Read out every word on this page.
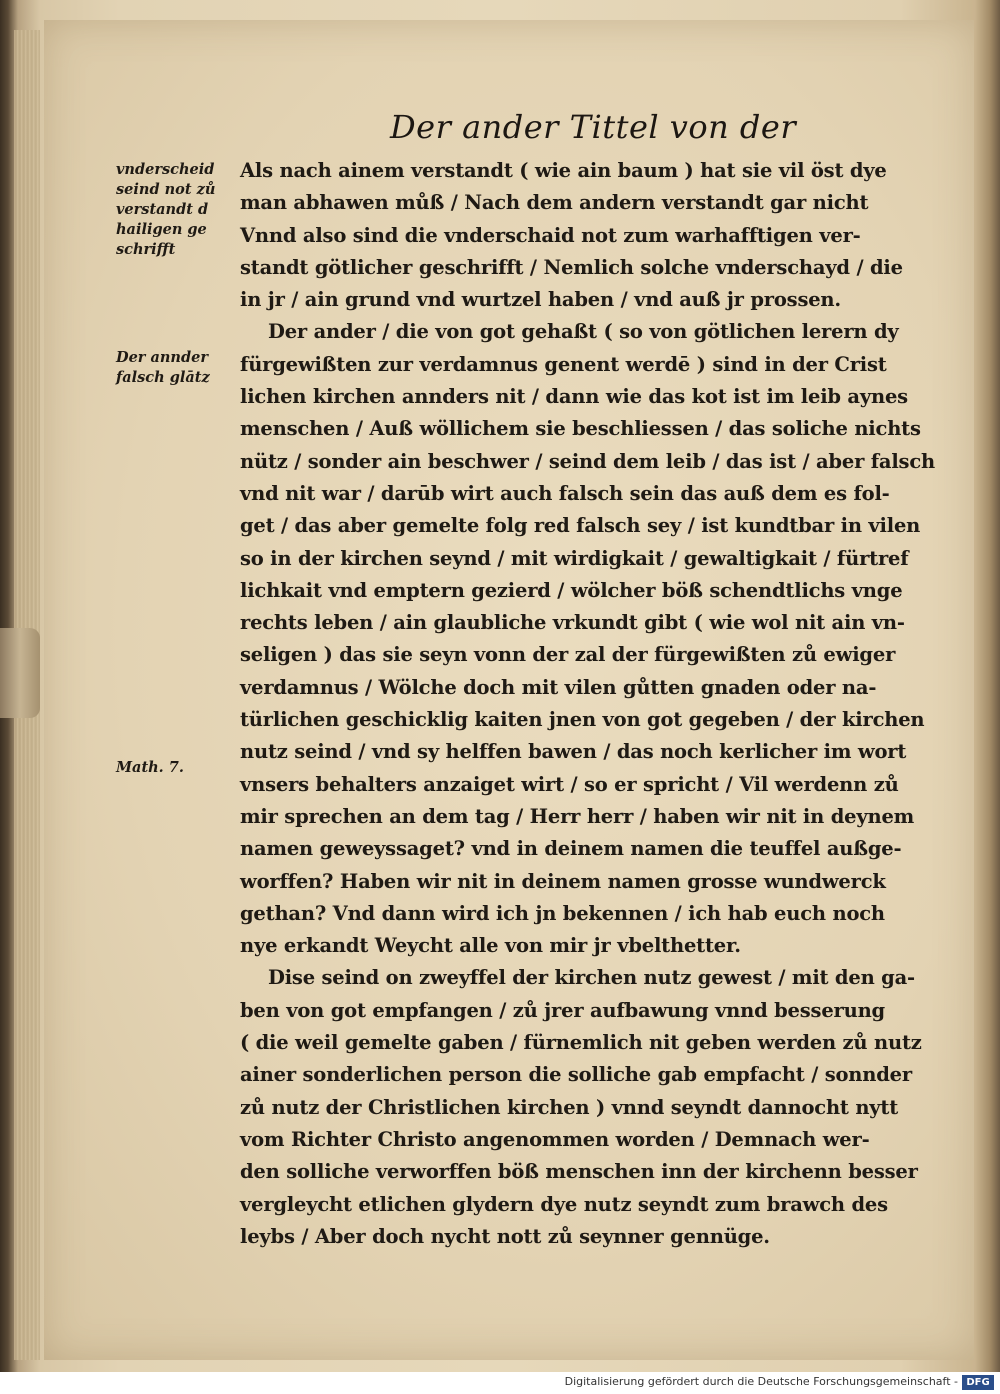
Der ander Tittel von der
vnderscheid
seind not zů
verstandt d
hailigen ge
schrifft
Der annder
falsch glātz
Math. 7.
Als nach ainem verstandt ( wie ain baum ) hat sie vil öst dye
man abhawen můß / Nach dem andern verstandt gar nicht
Vnnd also sind die vnderschaid not zum warhafftigen ver-
standt götlicher geschrifft / Nemlich solche vnderschayd / die
in jr / ain grund vnd wurtzel haben / vnd auß jr prossen.
Der ander / die von got gehaßt ( so von götlichen lerern dy
fürgewißten zur verdamnus genent werdē ) sind in der Crist
lichen kirchen annders nit / dann wie das kot ist im leib aynes
menschen / Auß wöllichem sie beschliessen / das soliche nichts
nütz / sonder ain beschwer / seind dem leib / das ist / aber falsch
vnd nit war / darūb wirt auch falsch sein das auß dem es fol-
get / das aber gemelte folg red falsch sey / ist kundtbar in vilen
so in der kirchen seynd / mit wirdigkait / gewaltigkait / fürtref
lichkait vnd emptern gezierd / wölcher böß schendtlichs vnge
rechts leben / ain glaubliche vrkundt gibt ( wie wol nit ain vn-
seligen ) das sie seyn vonn der zal der fürgewißten zů ewiger
verdamnus / Wölche doch mit vilen gůtten gnaden oder na-
türlichen geschicklig kaiten jnen von got gegeben / der kirchen
nutz seind / vnd sy helffen bawen / das noch kerlicher im wort
vnsers behalters anzaiget wirt / so er spricht / Vil werdenn zů
mir sprechen an dem tag / Herr herr / haben wir nit in deynem
namen geweyssaget? vnd in deinem namen die teuffel außge-
worffen? Haben wir nit in deinem namen grosse wundwerck
gethan? Vnd dann wird ich jn bekennen / ich hab euch noch
nye erkandt Weycht alle von mir jr vbelthetter.
Dise seind on zweyffel der kirchen nutz gewest / mit den ga-
ben von got empfangen / zů jrer aufbawung vnnd besserung
( die weil gemelte gaben / fürnemlich nit geben werden zů nutz
ainer sonderlichen person die solliche gab empfacht / sonnder
zů nutz der Christlichen kirchen ) vnnd seyndt dannocht nytt
vom Richter Christo angenommen worden / Demnach wer-
den solliche verworffen böß menschen inn der kirchenn besser
vergleycht etlichen glydern dye nutz seyndt zum brawch des
leybs / Aber doch nycht nott zů seynner gennüge.
Digitalisierung gefördert durch die Deutsche Forschungsgemeinschaft - DFG
